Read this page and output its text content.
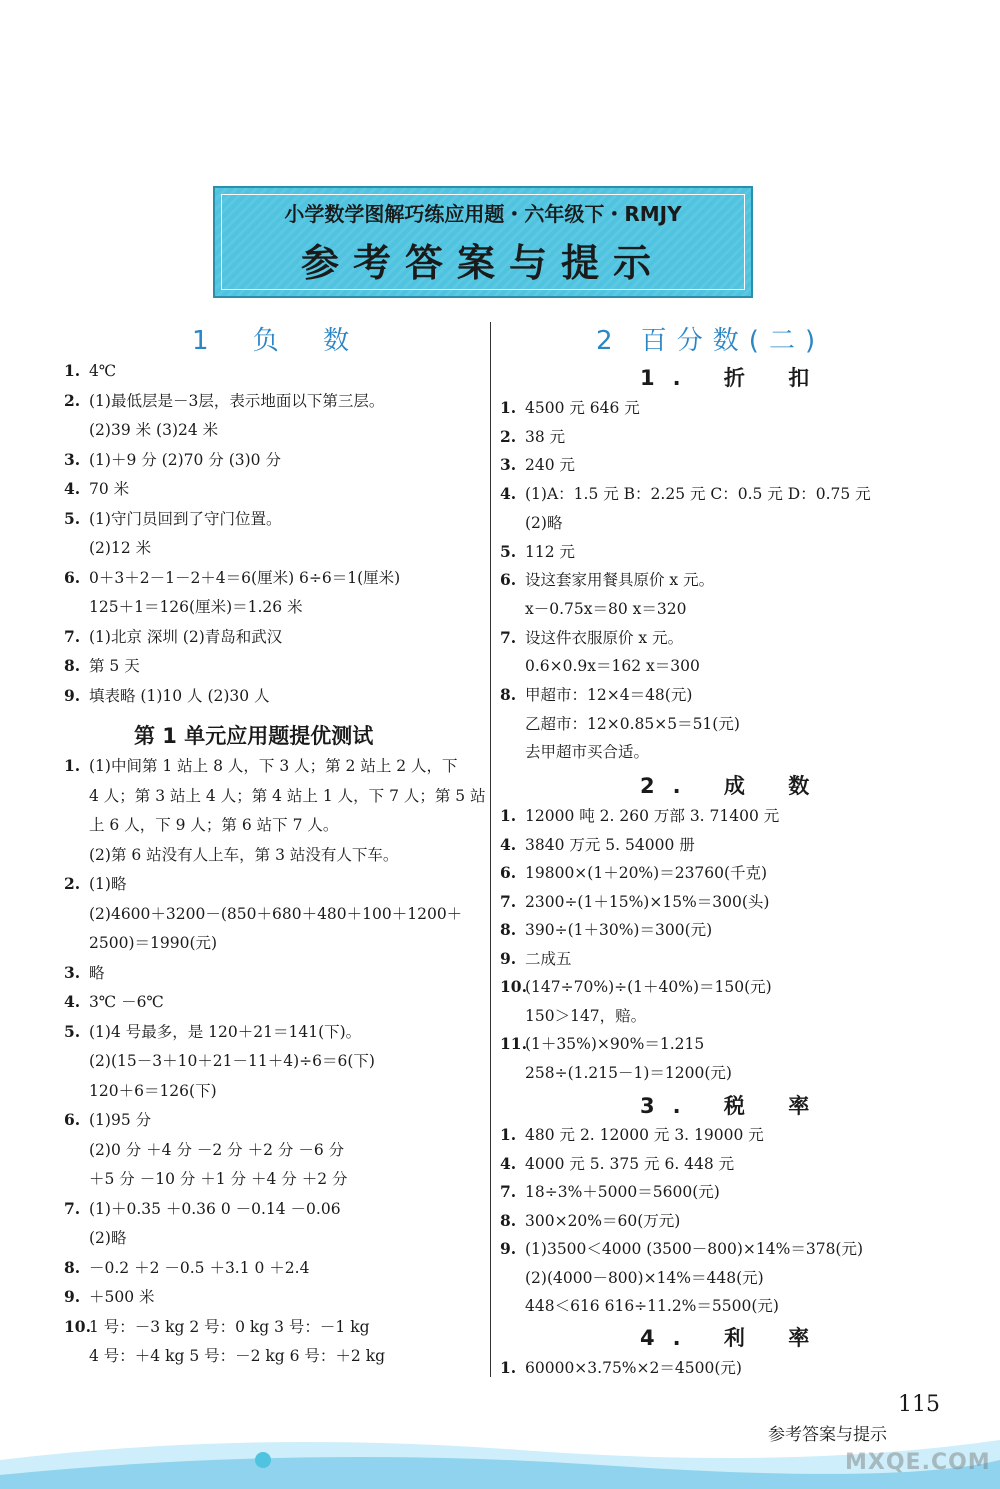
小学数学图解巧练应用题・六年级下・RMJY
参考答案与提示
1 负 数
1. 4℃
2. (1)最低层是－3层，表示地面以下第三层。
(2)39 米 (3)24 米
3. (1)＋9 分 (2)70 分 (3)0 分
4. 70 米
5. (1)守门员回到了守门位置。
(2)12 米
6. 0＋3＋2－1－2＋4＝6(厘米) 6÷6＝1(厘米)
125＋1＝126(厘米)＝1.26 米
7. (1)北京 深圳 (2)青岛和武汉
8. 第 5 天
9. 填表略 (1)10 人 (2)30 人
第 1 单元应用题提优测试
1. (1)中间第 1 站上 8 人，下 3 人；第 2 站上 2 人，下
4 人；第 3 站上 4 人；第 4 站上 1 人，下 7 人；第 5 站
上 6 人，下 9 人；第 6 站下 7 人。
(2)第 6 站没有人上车，第 3 站没有人下车。
2. (1)略
(2)4600＋3200－(850＋680＋480＋100＋1200＋
2500)＝1990(元)
3. 略
4. 3℃ －6℃
5. (1)4 号最多，是 120＋21＝141(下)。
(2)(15－3＋10＋21－11＋4)÷6＝6(下)
120＋6＝126(下)
6. (1)95 分
(2)0 分 ＋4 分 －2 分 ＋2 分 －6 分
＋5 分 －10 分 ＋1 分 ＋4 分 ＋2 分
7. (1)＋0.35 ＋0.36 0 －0.14 －0.06
(2)略
8. －0.2 ＋2 －0.5 ＋3.1 0 ＋2.4
9. ＋500 米
10.1 号：－3 kg 2 号：0 kg 3 号：－1 kg
4 号：＋4 kg 5 号：－2 kg 6 号：＋2 kg
2 百分数(二)
1. 折 扣
1. 4500 元 646 元
2. 38 元
3. 240 元
4. (1)A：1.5 元 B：2.25 元 C：0.5 元 D：0.75 元
(2)略
5. 112 元
6. 设这套家用餐具原价 x 元。
x－0.75x＝80 x＝320
7. 设这件衣服原价 x 元。
0.6×0.9x＝162 x＝300
8. 甲超市：12×4＝48(元)
乙超市：12×0.85×5＝51(元)
去甲超市买合适。
2. 成 数
1. 12000 吨 2. 260 万部 3. 71400 元
4. 3840 万元 5. 54000 册
6. 19800×(1＋20%)＝23760(千克)
7. 2300÷(1＋15%)×15%＝300(头)
8. 390÷(1＋30%)＝300(元)
9. 二成五
10.(147÷70%)÷(1＋40%)＝150(元)
150＞147，赔。
11.(1＋35%)×90%＝1.215
258÷(1.215－1)＝1200(元)
3. 税 率
1. 480 元 2. 12000 元 3. 19000 元
4. 4000 元 5. 375 元 6. 448 元
7. 18÷3%＋5000＝5600(元)
8. 300×20%＝60(万元)
9. (1)3500＜4000 (3500－800)×14%＝378(元)
(2)(4000－800)×14%＝448(元)
448＜616 616÷11.2%＝5500(元)
4. 利 率
1. 60000×3.75%×2＝4500(元)
115
参考答案与提示
MXQE.COM
